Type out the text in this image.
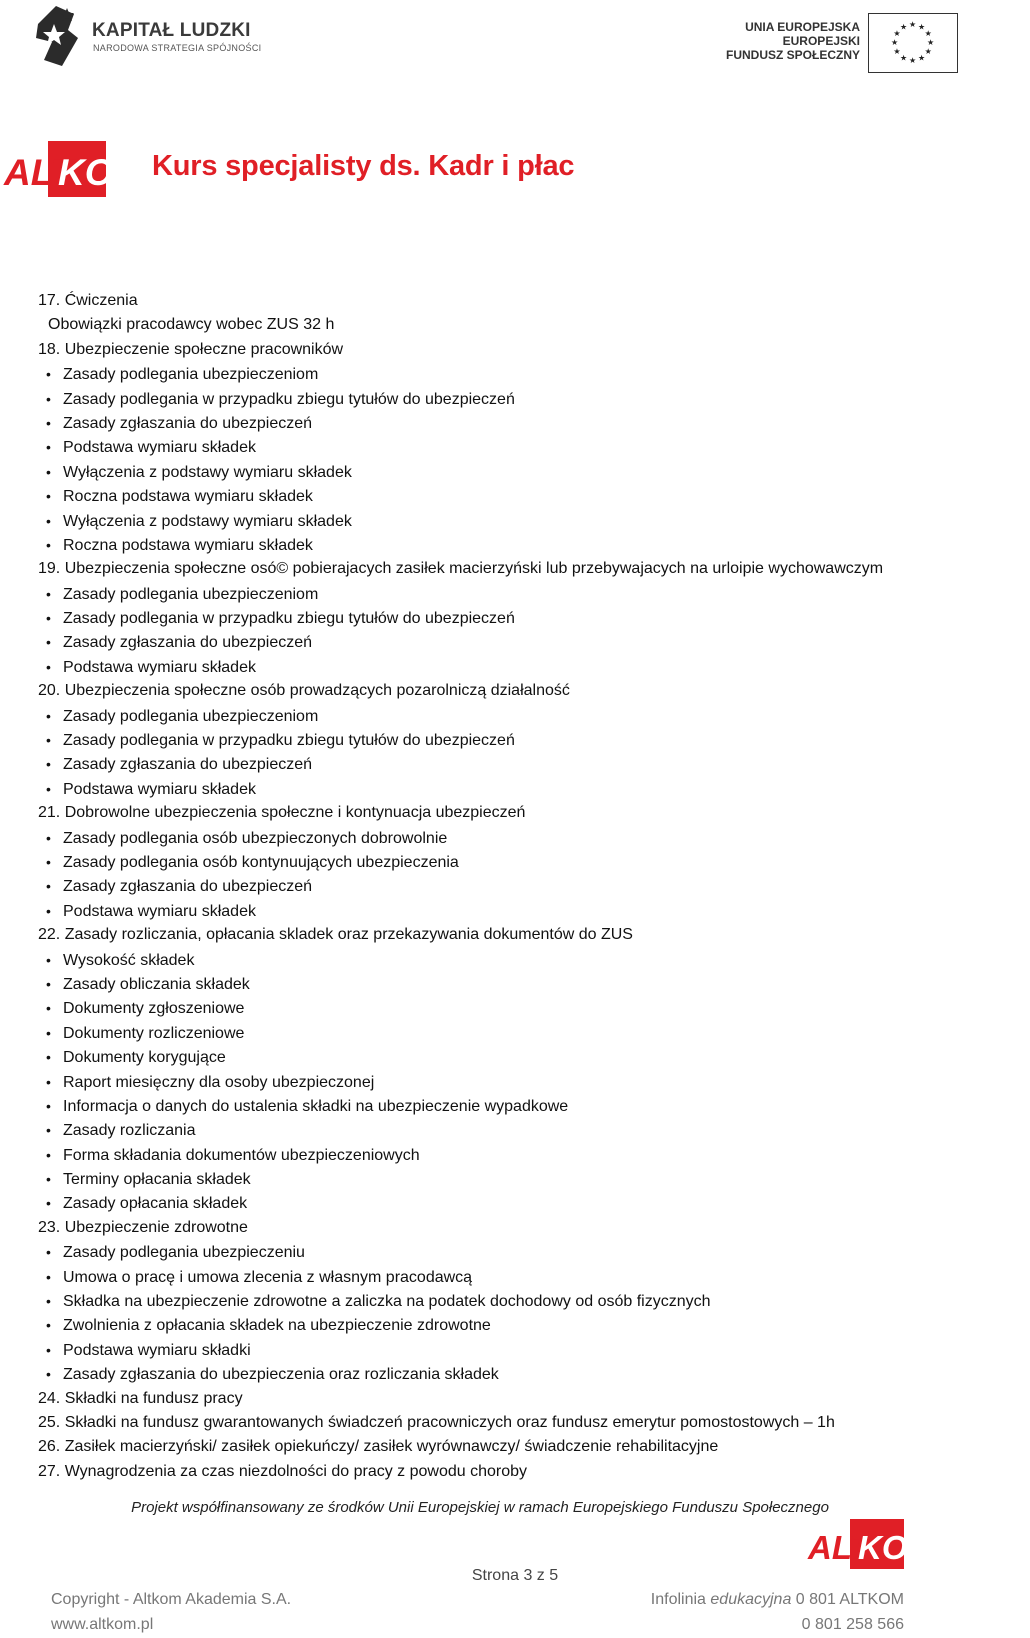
KAPITAŁ LUDZKI
NARODOWA STRATEGIA SPÓJNOŚCI
UNIA EUROPEJSKA
EUROPEJSKI
FUNDUSZ SPOŁECZNY
★
★
★
★
★
★
★
★
★ ★ ★
★
ALT
KOM Kurs specjalisty ds. Kadr i płac
17. Ćwiczenia
Obowiązki pracodawcy wobec ZUS 32 h
18. Ubezpieczenie społeczne pracowników
• Zasady podlegania ubezpieczeniom
• Zasady podlegania w przypadku zbiegu tytułów do ubezpieczeń
• Zasady zgłaszania do ubezpieczeń
• Podstawa wymiaru składek
• Wyłączenia z podstawy wymiaru składek
• Roczna podstawa wymiaru składek
• Wyłączenia z podstawy wymiaru składek
• Roczna podstawa wymiaru składek
19. Ubezpieczenia społeczne osó© pobierajacych zasiłek macierzyński lub przebywajacych na urloipie wychowawczym
• Zasady podlegania ubezpieczeniom
• Zasady podlegania w przypadku zbiegu tytułów do ubezpieczeń
• Zasady zgłaszania do ubezpieczeń
• Podstawa wymiaru składek
20. Ubezpieczenia społeczne osób prowadzących pozarolniczą działalność
• Zasady podlegania ubezpieczeniom
• Zasady podlegania w przypadku zbiegu tytułów do ubezpieczeń
• Zasady zgłaszania do ubezpieczeń
• Podstawa wymiaru składek
21. Dobrowolne ubezpieczenia społeczne i kontynuacja ubezpieczeń
• Zasady podlegania osób ubezpieczonych dobrowolnie
• Zasady podlegania osób kontynuujących ubezpieczenia
• Zasady zgłaszania do ubezpieczeń
• Podstawa wymiaru składek
22. Zasady rozliczania, opłacania skladek oraz przekazywania dokumentów do ZUS
• Wysokość składek
• Zasady obliczania składek
• Dokumenty zgłoszeniowe
• Dokumenty rozliczeniowe
• Dokumenty korygujące
• Raport miesięczny dla osoby ubezpieczonej
• Informacja o danych do ustalenia składki na ubezpieczenie wypadkowe
• Zasady rozliczania
• Forma składania dokumentów ubezpieczeniowych
• Terminy opłacania składek
• Zasady opłacania składek
23. Ubezpieczenie zdrowotne
• Zasady podlegania ubezpieczeniu
• Umowa o pracę i umowa zlecenia z własnym pracodawcą
• Składka na ubezpieczenie zdrowotne a zaliczka na podatek dochodowy od osób fizycznych
• Zwolnienia z opłacania składek na ubezpieczenie zdrowotne
• Podstawa wymiaru składki
• Zasady zgłaszania do ubezpieczenia oraz rozliczania składek
24. Składki na fundusz pracy
25. Składki na fundusz gwarantowanych świadczeń pracowniczych oraz fundusz emerytur pomostostowych – 1h
26. Zasiłek macierzyński/ zasiłek opiekuńczy/ zasiłek wyrównawczy/ świadczenie rehabilitacyjne
27. Wynagrodzenia za czas niezdolności do pracy z powodu choroby
Projekt współfinansowany ze środków Unii Europejskiej w ramach Europejskiego Funduszu Społecznego
ALT
KOM
Strona 3 z 5
Copyright - Altkom Akademia S.A.
www.altkom.pl
Infolinia edukacyjna 0 801 ALTKOM
0 801 258 566
